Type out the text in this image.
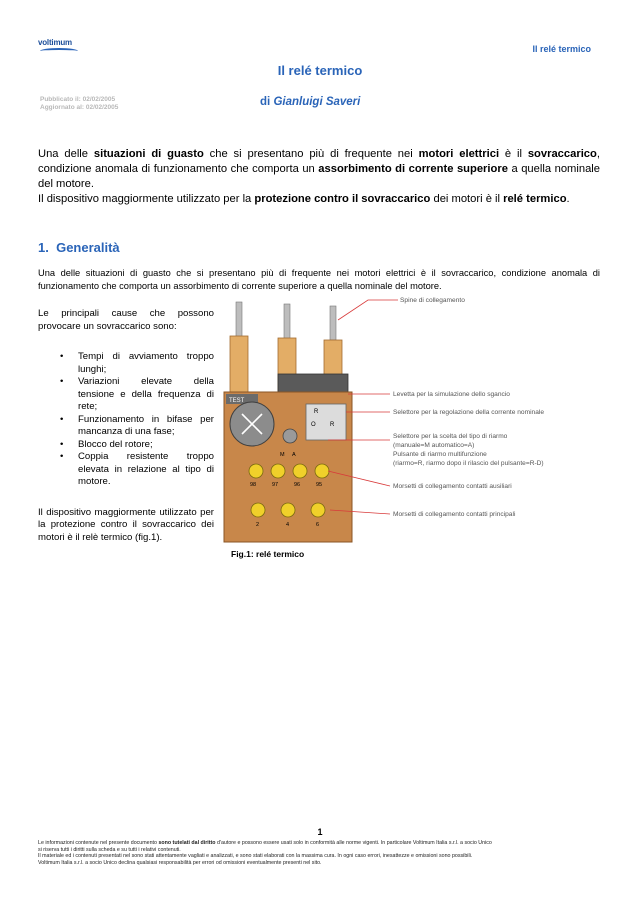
voltimum
Il relé termico
Il relé termico
Pubblicato il: 02/02/2005
Aggiornato al: 02/02/2005	di Gianluigi Saveri
Una delle situazioni di guasto che si presentano più di frequente nei motori elettrici è il sovraccarico, condizione anomala di funzionamento che comporta un assorbimento di corrente superiore a quella nominale del motore.
Il dispositivo maggiormente utilizzato per la protezione contro il sovraccarico dei motori è il relé termico.
1. Generalità
Una delle situazioni di guasto che si presentano più di frequente nei motori elettrici è il sovraccarico, condizione anomala di funzionamento che comporta un assorbimento di corrente superiore a quella nominale del motore.

Le principali cause che possono provocare un sovraccarico sono:

• Tempi di avviamento troppo lunghi;
• Variazioni elevate della tensione e della frequenza di rete;
• Funzionamento in bifase per mancanza di una fase;
• Blocco del rotore;
• Coppia resistente troppo elevata in relazione al tipo di motore.

Il dispositivo maggiormente utilizzato per la protezione contro il sovraccarico dei motori è il relè termico (fig.1).

TEST
R
O R
M A
98	97	96	95
2	4	6
Spine di collegamento
Levetta per la simulazione dello sgancio
Selettore per la regolazione della corrente nominale
Selettore per la scelta del tipo di riarmo
(manuale=M automatico=A)
Pulsante di riarmo multifunzione
(riarmo=R, riarmo dopo il rilascio del pulsante=R-D)
Morsetti di collegamento contatti ausiliari
Morsetti di collegamento contatti principali
Fig.1: relé termico
1
Le informazioni contenute nel presente documento sono tutelati dal diritto d'autore e possono essere usati solo in conformità alle norme vigenti. In particolare Voltimum Italia s.r.l. a socio Unico
si riserva tutti i diritti sulla scheda e su tutti i relativi contenuti.
Il materiale ed i contenuti presentati nel sono stati attentamente vagliati e analizzati, e sono stati elaborati con la massima cura. In ogni caso errori, inesattezze e omissioni sono possibili.
Voltimum Italia s.r.l. a socio Unico declina qualsiasi responsabilità per errori od omissioni eventualmente presenti nel sito.
